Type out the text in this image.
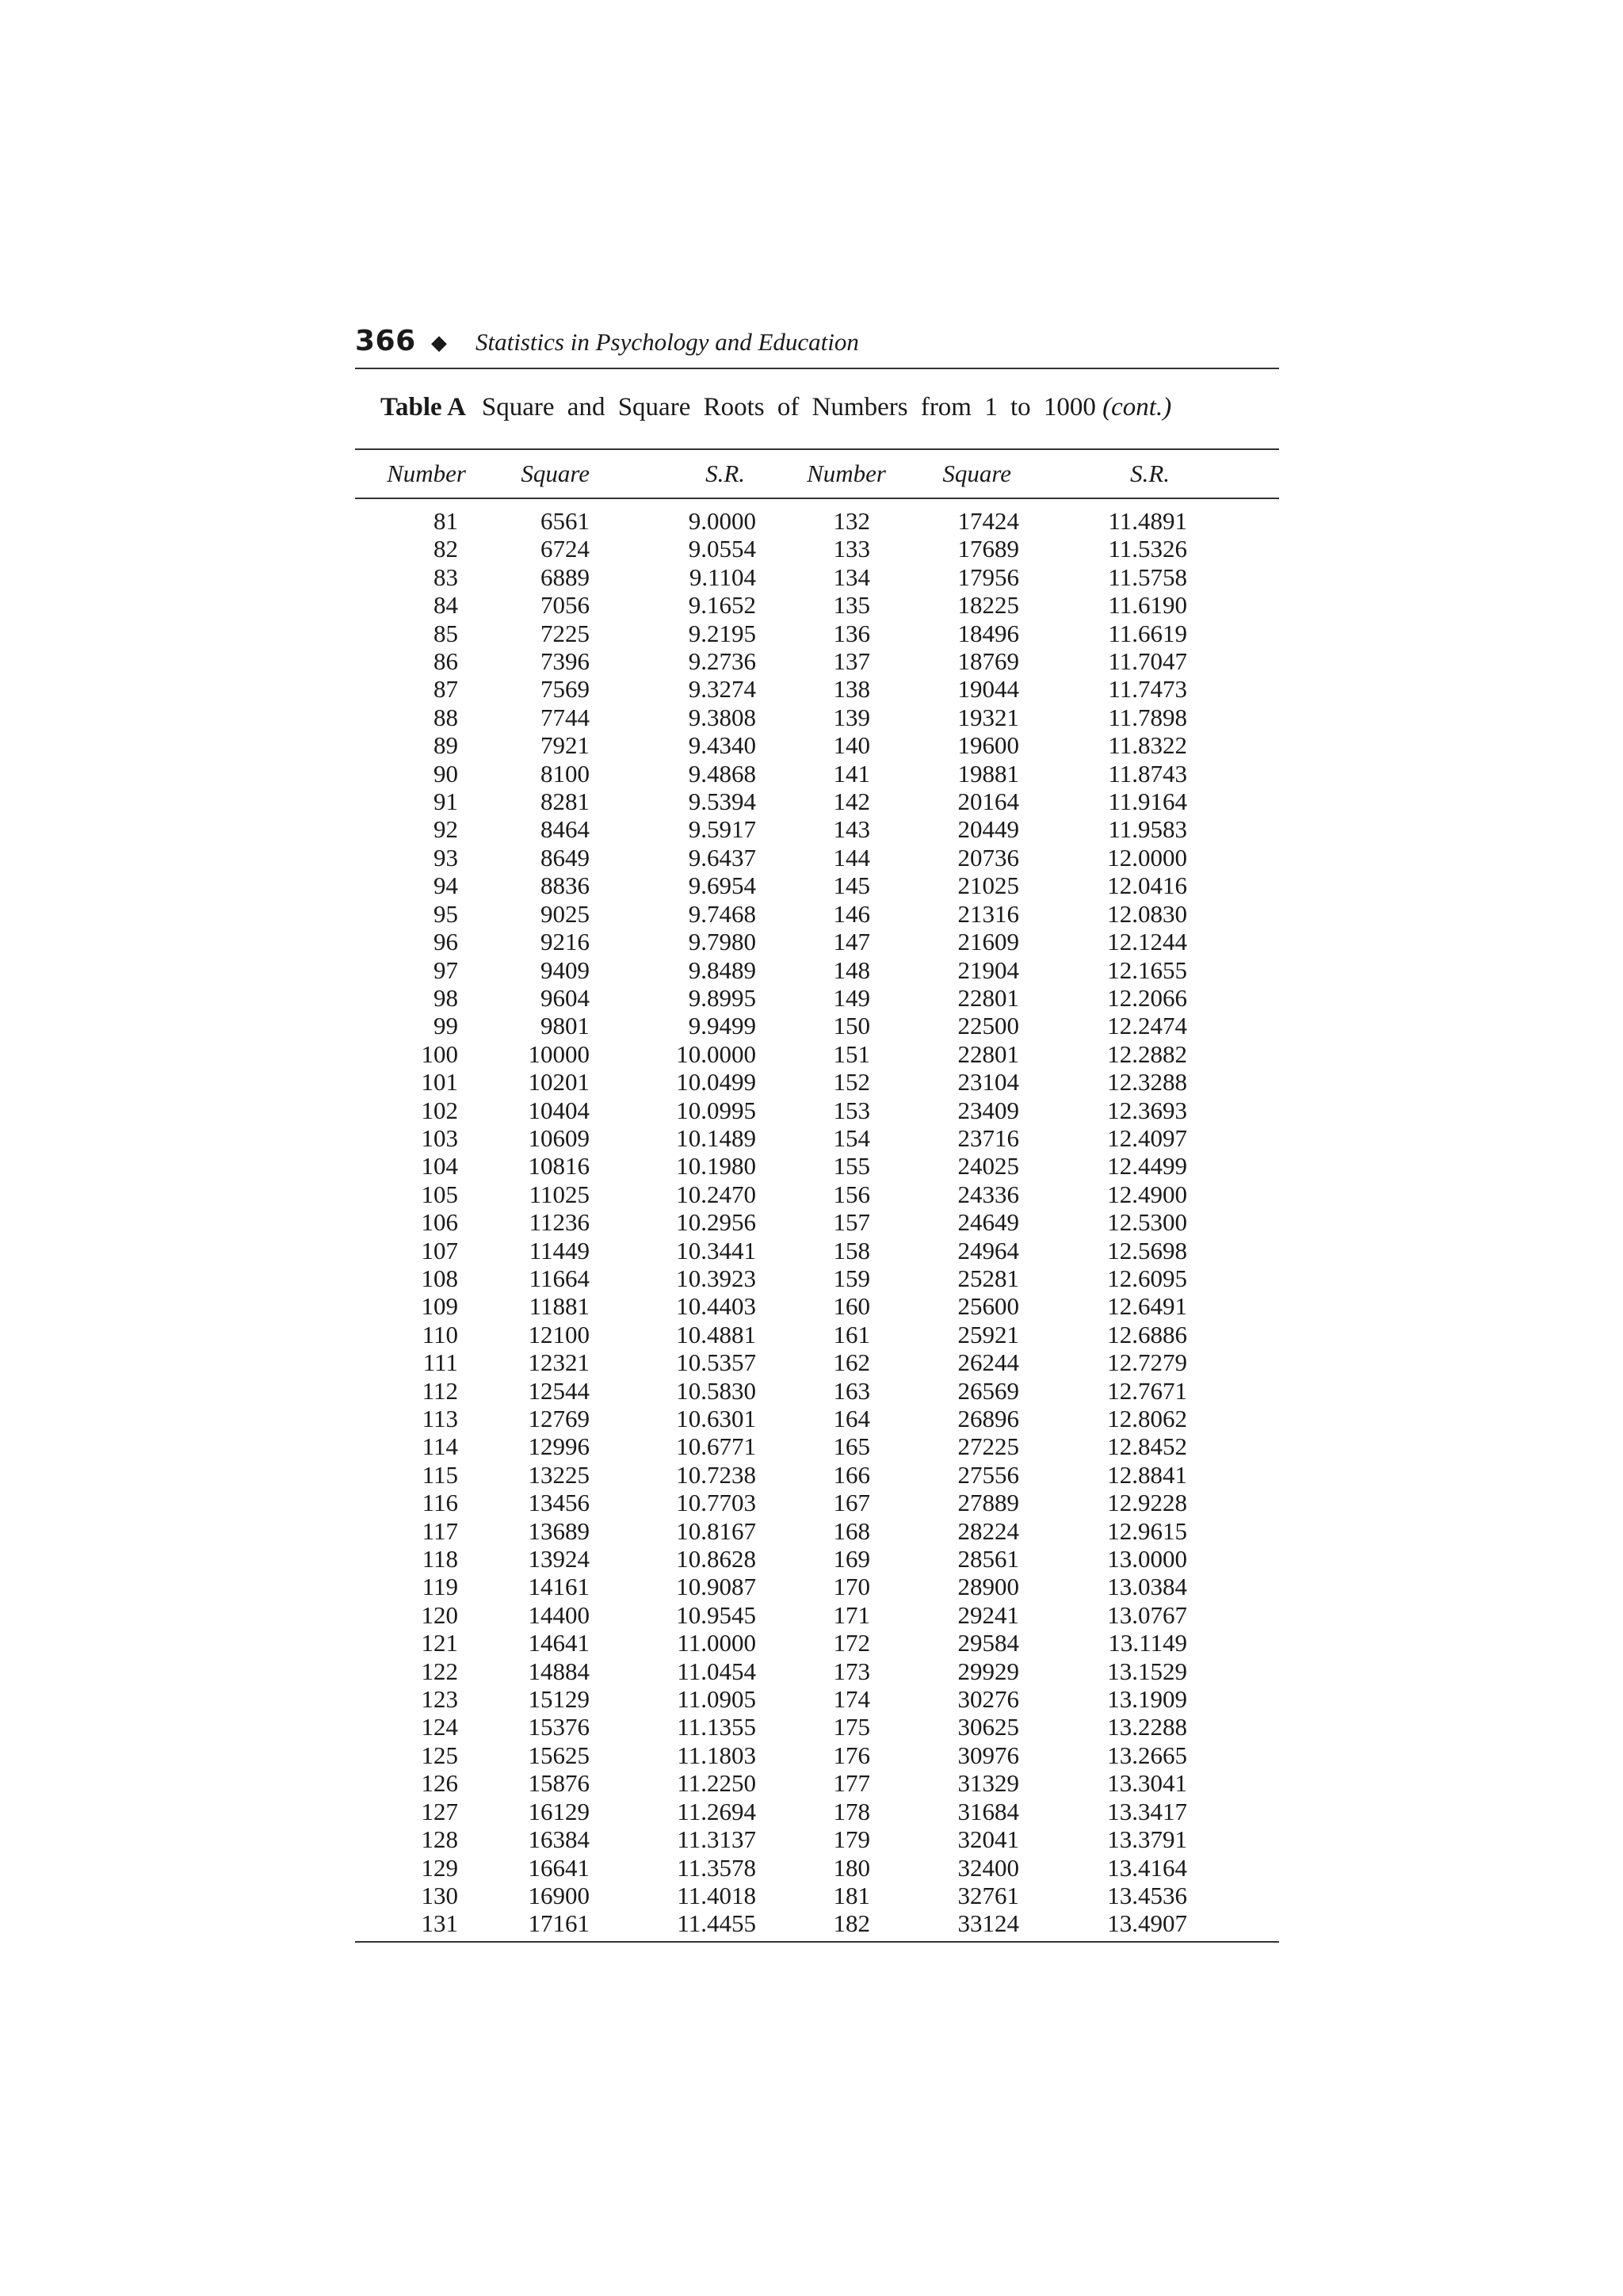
366 ◆ Statistics in Psychology and Education
Table A Square and Square Roots of Numbers from 1 to 1000 (cont.)
Number	Square	S.R.	Number	Square	S.R.	
81	6561	9.0000	132	17424	11.4891	
82	6724	9.0554	133	17689	11.5326	
83	6889	9.1104	134	17956	11.5758	
84	7056	9.1652	135	18225	11.6190	
85	7225	9.2195	136	18496	11.6619	
86	7396	9.2736	137	18769	11.7047	
87	7569	9.3274	138	19044	11.7473	
88	7744	9.3808	139	19321	11.7898	
89	7921	9.4340	140	19600	11.8322	
90	8100	9.4868	141	19881	11.8743	
91	8281	9.5394	142	20164	11.9164	
92	8464	9.5917	143	20449	11.9583	
93	8649	9.6437	144	20736	12.0000	
94	8836	9.6954	145	21025	12.0416	
95	9025	9.7468	146	21316	12.0830	
96	9216	9.7980	147	21609	12.1244	
97	9409	9.8489	148	21904	12.1655	
98	9604	9.8995	149	22801	12.2066	
99	9801	9.9499	150	22500	12.2474	
100	10000	10.0000	151	22801	12.2882	
101	10201	10.0499	152	23104	12.3288	
102	10404	10.0995	153	23409	12.3693	
103	10609	10.1489	154	23716	12.4097	
104	10816	10.1980	155	24025	12.4499	
105	11025	10.2470	156	24336	12.4900	
106	11236	10.2956	157	24649	12.5300	
107	11449	10.3441	158	24964	12.5698	
108	11664	10.3923	159	25281	12.6095	
109	11881	10.4403	160	25600	12.6491	
110	12100	10.4881	161	25921	12.6886	
111	12321	10.5357	162	26244	12.7279	
112	12544	10.5830	163	26569	12.7671	
113	12769	10.6301	164	26896	12.8062	
114	12996	10.6771	165	27225	12.8452	
115	13225	10.7238	166	27556	12.8841	
116	13456	10.7703	167	27889	12.9228	
117	13689	10.8167	168	28224	12.9615	
118	13924	10.8628	169	28561	13.0000	
119	14161	10.9087	170	28900	13.0384	
120	14400	10.9545	171	29241	13.0767	
121	14641	11.0000	172	29584	13.1149	
122	14884	11.0454	173	29929	13.1529	
123	15129	11.0905	174	30276	13.1909	
124	15376	11.1355	175	30625	13.2288	
125	15625	11.1803	176	30976	13.2665	
126	15876	11.2250	177	31329	13.3041	
127	16129	11.2694	178	31684	13.3417	
128	16384	11.3137	179	32041	13.3791	
129	16641	11.3578	180	32400	13.4164	
130	16900	11.4018	181	32761	13.4536	
131	17161	11.4455	182	33124	13.4907	
